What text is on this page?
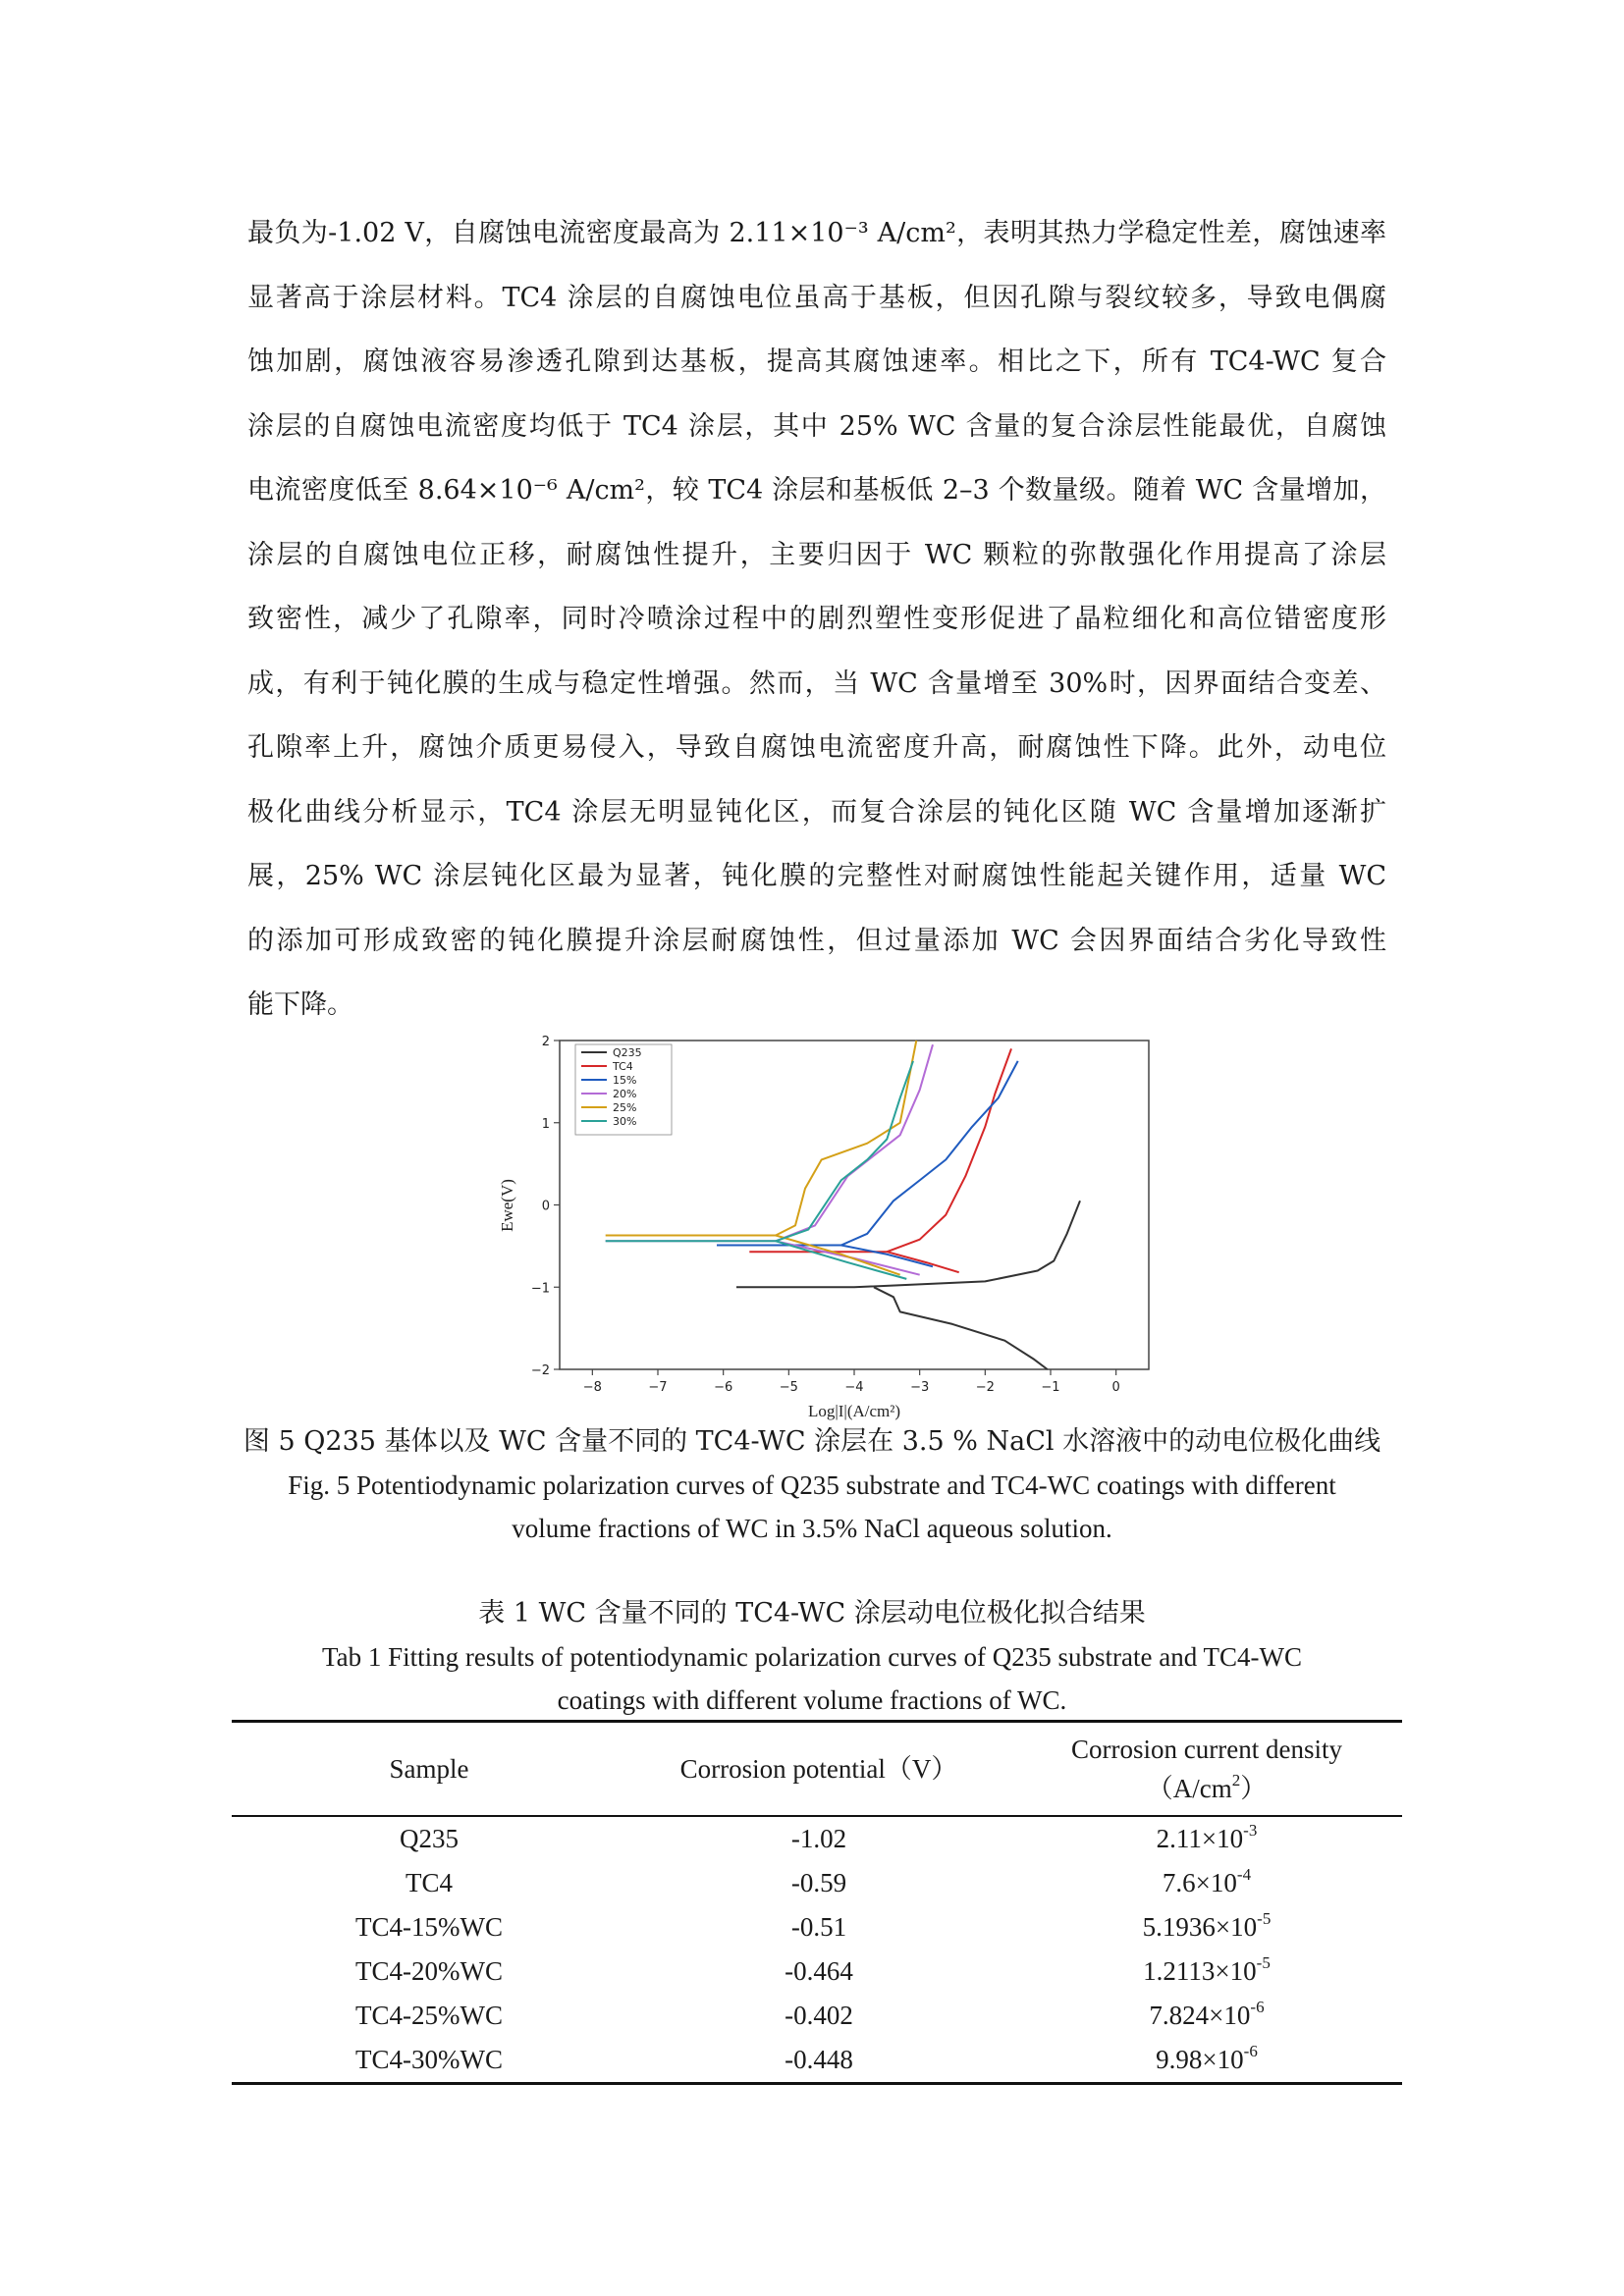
最负为-1.02 V，自腐蚀电流密度最高为 2.11×10⁻³ A/cm²，表明其热力学稳定性差，腐蚀速率
显著高于涂层材料。TC4 涂层的自腐蚀电位虽高于基板，但因孔隙与裂纹较多，导致电偶腐
蚀加剧，腐蚀液容易渗透孔隙到达基板，提高其腐蚀速率。相比之下，所有 TC4-WC 复合
涂层的自腐蚀电流密度均低于 TC4 涂层，其中 25% WC 含量的复合涂层性能最优，自腐蚀
电流密度低至 8.64×10⁻⁶ A/cm²，较 TC4 涂层和基板低 2–3 个数量级。随着 WC 含量增加，
涂层的自腐蚀电位正移，耐腐蚀性提升，主要归因于 WC 颗粒的弥散强化作用提高了涂层
致密性，减少了孔隙率，同时冷喷涂过程中的剧烈塑性变形促进了晶粒细化和高位错密度形
成，有利于钝化膜的生成与稳定性增强。然而，当 WC 含量增至 30%时，因界面结合变差、
孔隙率上升，腐蚀介质更易侵入，导致自腐蚀电流密度升高，耐腐蚀性下降。此外，动电位
极化曲线分析显示，TC4 涂层无明显钝化区，而复合涂层的钝化区随 WC 含量增加逐渐扩
展，25% WC 涂层钝化区最为显著，钝化膜的完整性对耐腐蚀性能起关键作用，适量 WC
的添加可形成致密的钝化膜提升涂层耐腐蚀性，但过量添加 WC 会因界面结合劣化导致性
能下降。
−8	−7	−6	−5	−4	−3	−2	−1	0
−2
−1
0
1
2
Q235
TC4
15%
20%
25%
30%
Log|I|(A/cm²)
Ewe(V)

图 5 Q235 基体以及 WC 含量不同的 TC4-WC 涂层在 3.5 % NaCl 水溶液中的动电位极化曲线

Fig. 5 Potentiodynamic polarization curves of Q235 substrate and TC4-WC coatings with different

volume fractions of WC in 3.5% NaCl aqueous solution.

表 1 WC 含量不同的 TC4-WC 涂层动电位极化拟合结果

Tab 1 Fitting results of potentiodynamic polarization curves of Q235 substrate and TC4-WC

coatings with different volume fractions of WC.

Sample	Corrosion potential（V）	Corrosion current density
$(A/cm^2)$
Q235	-1.02	$2.11\times 10^{-3}$
TC4	-0.59	$7.6\times 10^{-4}$
TC4-15%WC	-0.51	$5.1936\times 10^{-5}$
TC4-20%WC	-0.464	$1.2113\times 10^{-5}$
TC4-25%WC	-0.402	$7.824\times 10^{-6}$
TC4-30%WC	-0.448	$9.98\times 10^{-6}$
